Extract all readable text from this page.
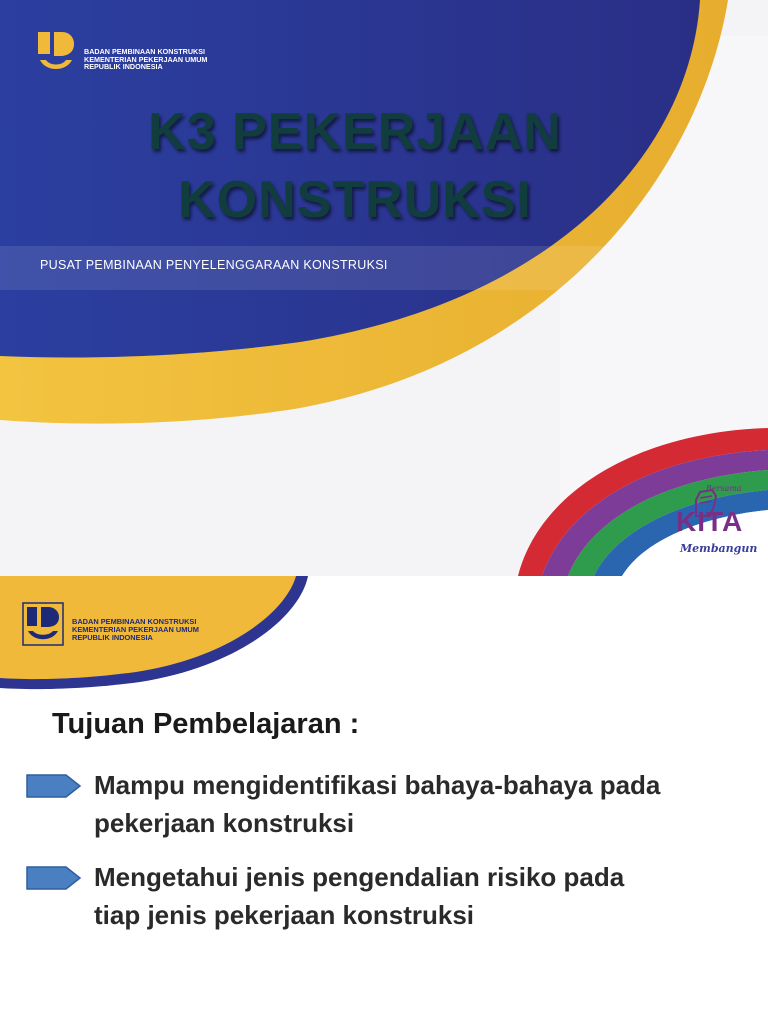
BADAN PEMBINAAN KONSTRUKSI
KEMENTERIAN PEKERJAAN UMUM
REPUBLIK INDONESIA
K3 PEKERJAAN
KONSTRUKSI
PUSAT PEMBINAAN PENYELENGGARAAN KONSTRUKSI
Bersama
KITA
Membangun
BADAN PEMBINAAN KONSTRUKSI
KEMENTERIAN PEKERJAAN UMUM
REPUBLIK INDONESIA
Tujuan Pembelajaran :
Mampu mengidentifikasi bahaya-bahaya pada
pekerjaan konstruksi
Mengetahui jenis pengendalian risiko pada
tiap jenis pekerjaan konstruksi
